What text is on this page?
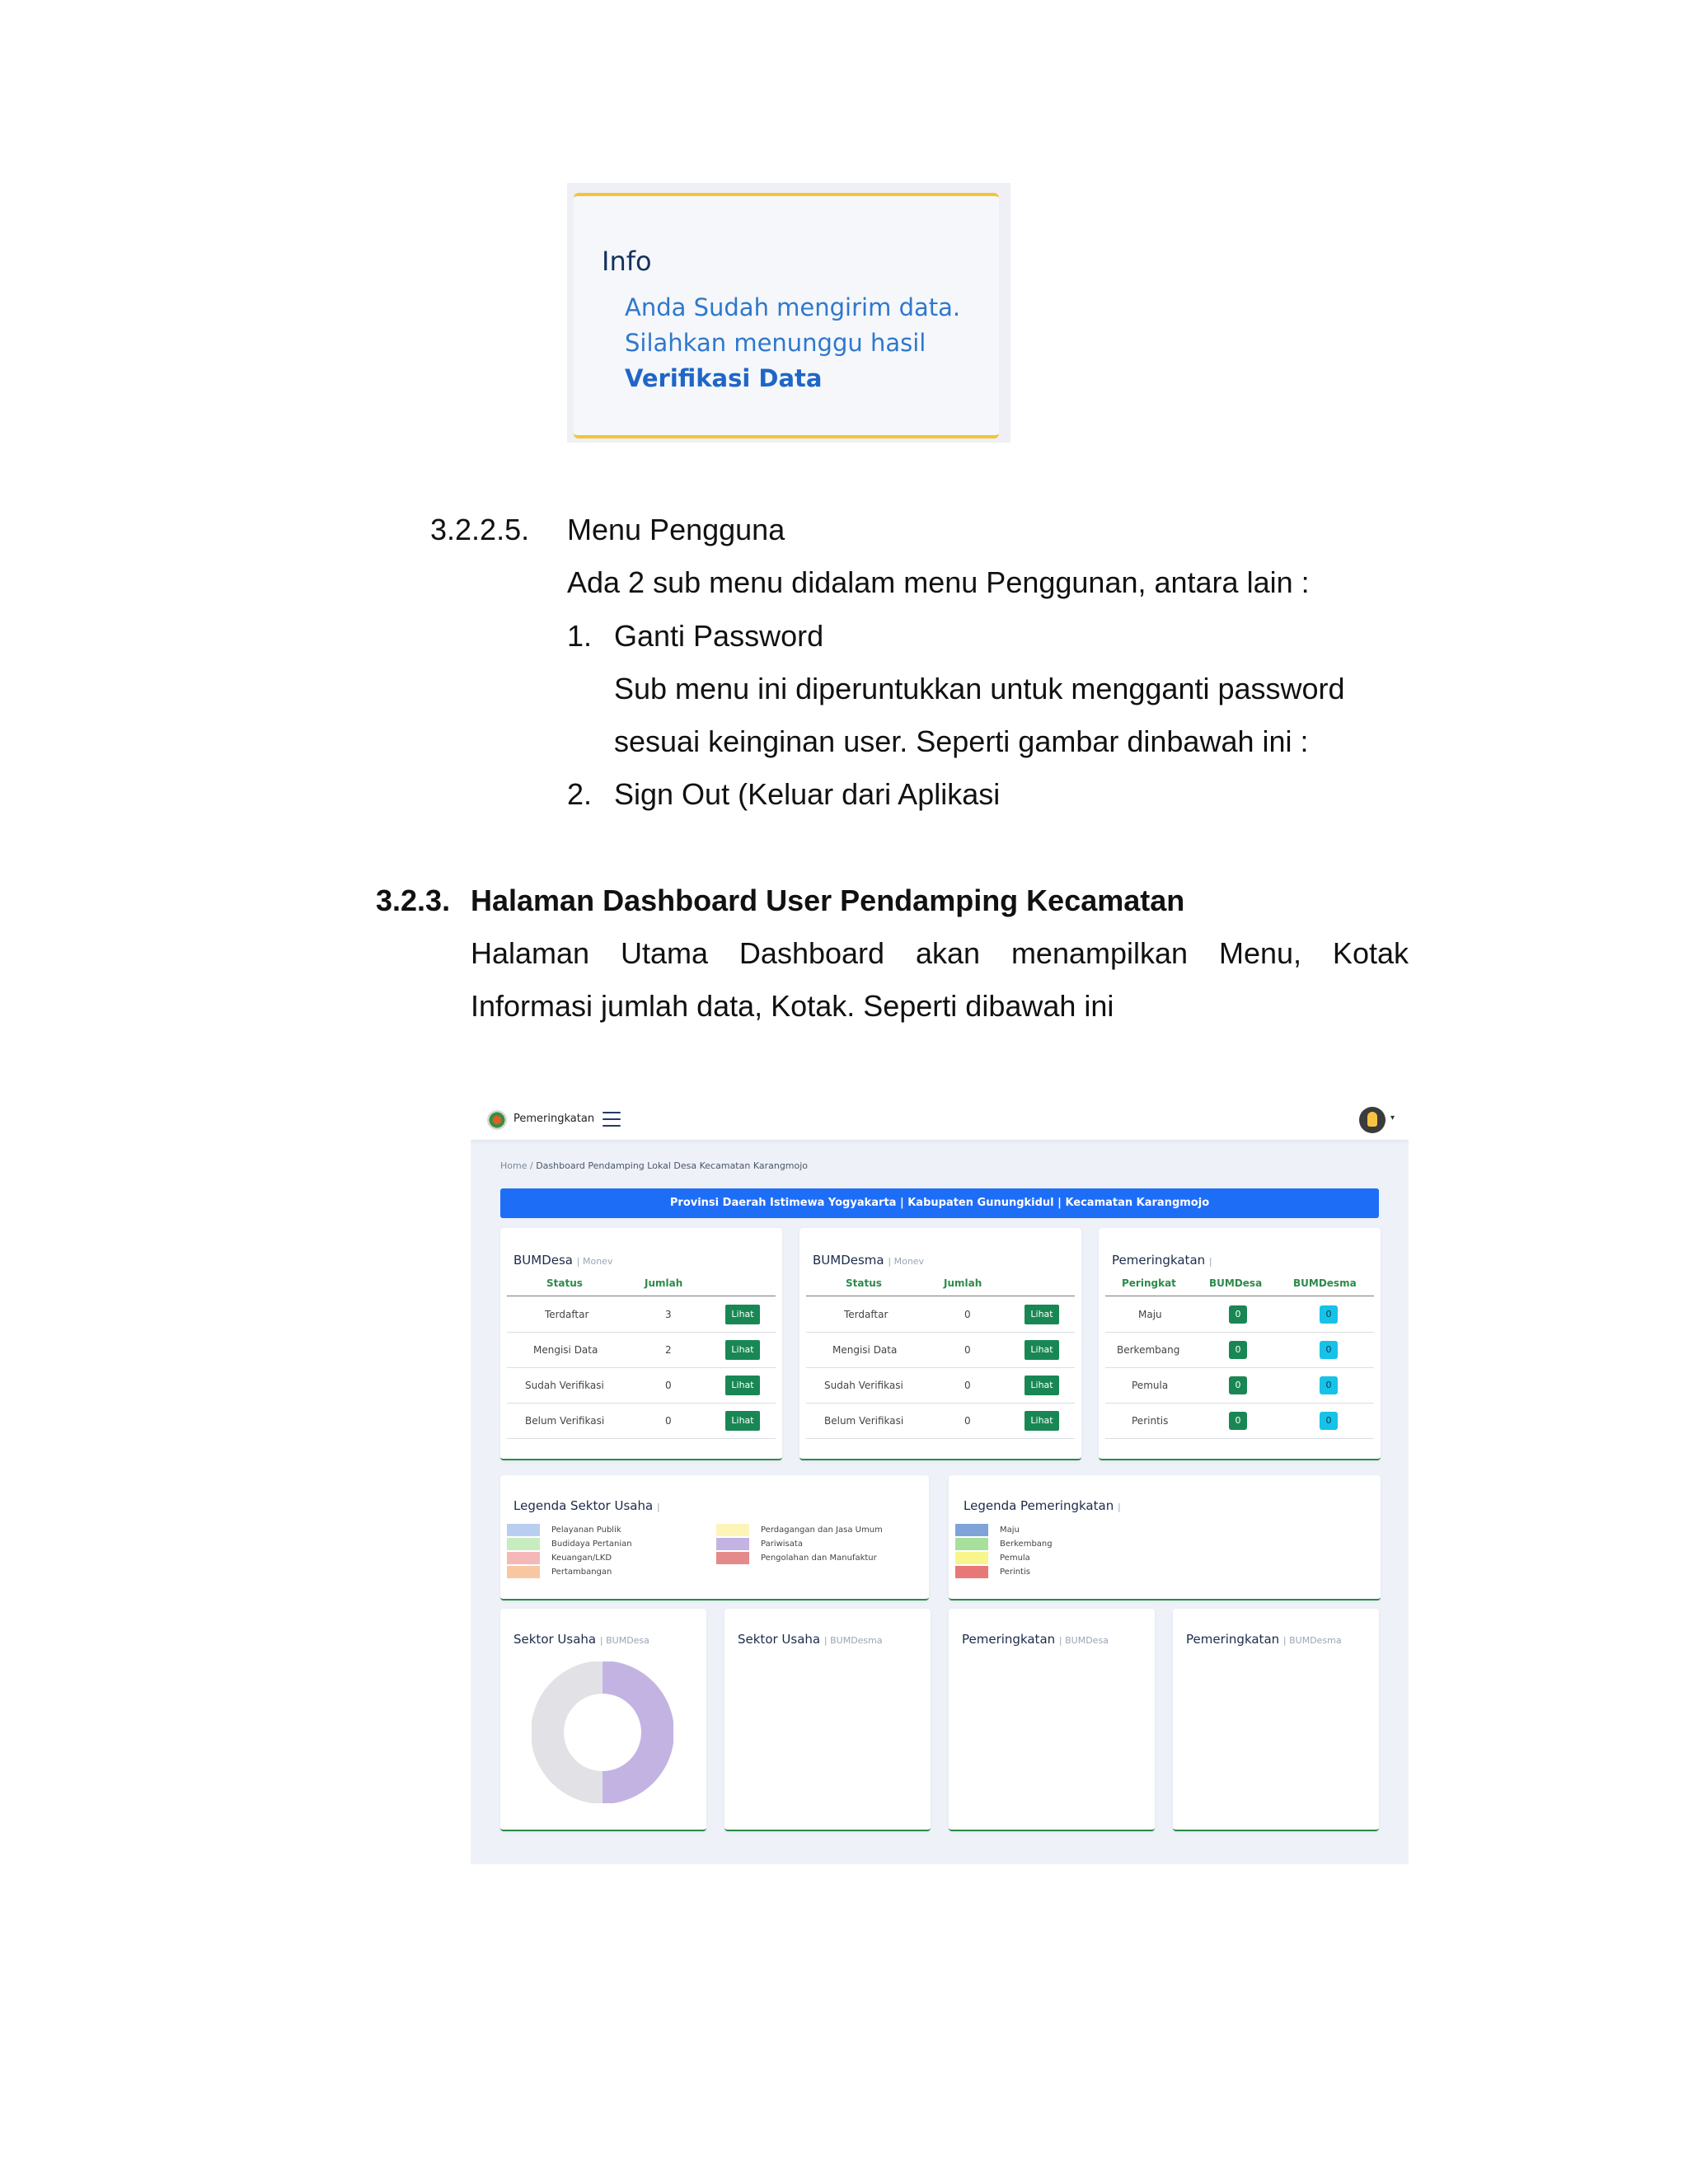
Info
Anda Sudah mengirim data.
Silahkan menunggu hasil
Verifikasi Data
3.2.2.5. Menu Pengguna
Ada 2 sub menu didalam menu Penggunan, antara lain :
1. Ganti Password
Sub menu ini diperuntukkan untuk mengganti password
sesuai keinginan user. Seperti gambar dinbawah ini :
2. Sign Out (Keluar dari Aplikasi
3.2.3. Halaman Dashboard User Pendamping Kecamatan
Halaman Utama Dashboard akan menampilkan Menu, Kotak
Informasi jumlah data, Kotak. Seperti dibawah ini
Pemeringkatan	▾
Home / Dashboard Pendamping Lokal Desa Kecamatan Karangmojo
Provinsi Daerah Istimewa Yogyakarta | Kabupaten Gunungkidul | Kecamatan Karangmojo
BUMDesa | Monev
Status	Jumlah
Terdaftar	3	Lihat
Mengisi Data	2	Lihat
Sudah Verifikasi	0	Lihat
Belum Verifikasi	0	Lihat
BUMDesma | Monev
Status	Jumlah
Terdaftar	0	Lihat
Mengisi Data	0	Lihat
Sudah Verifikasi	0	Lihat
Belum Verifikasi	0	Lihat
Pemeringkatan |
Peringkat	BUMDesa	BUMDesma
Maju	0	0
Berkembang	0	0
Pemula	0	0
Perintis	0	0
Legenda Sektor Usaha |
Pelayanan Publik
Budidaya Pertanian
Keuangan/LKD
Pertambangan
Perdagangan dan Jasa Umum
Pariwisata
Pengolahan dan Manufaktur
Legenda Pemeringkatan |
Maju
Berkembang
Pemula
Perintis
Sektor Usaha | BUMDesa	Sektor Usaha | BUMDesma	Pemeringkatan | BUMDesa	Pemeringkatan | BUMDesma
